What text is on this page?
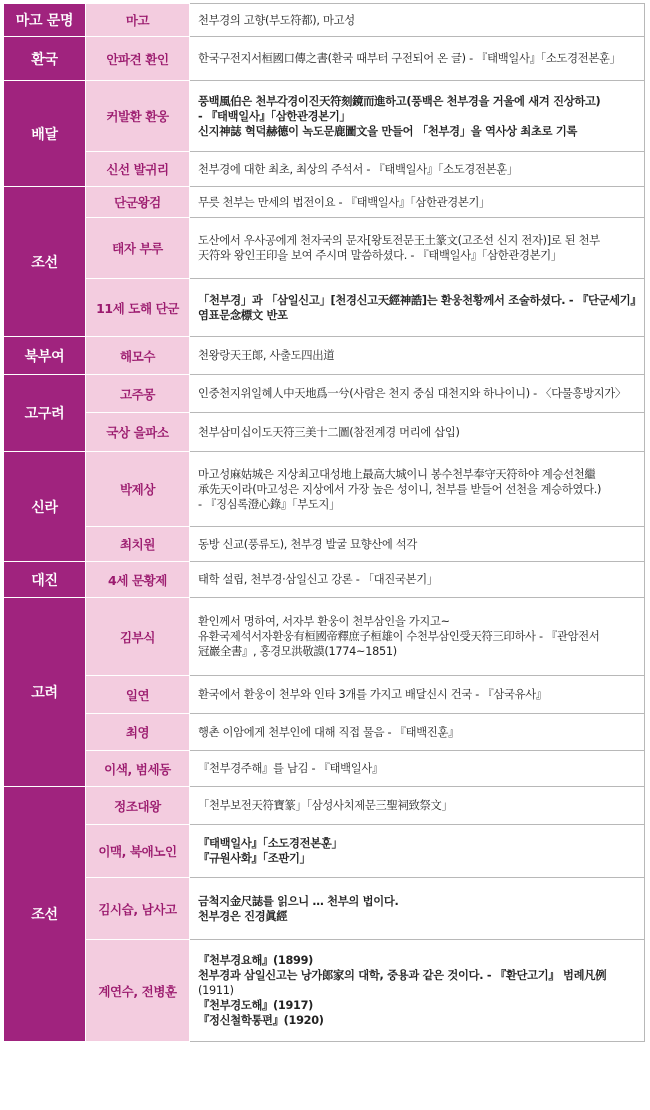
마고 문명	마고	천부경의 고향(부도符都), 마고성

환국	안파견 환인	한국구전지서桓國口傳之書(환국 때부터 구전되어 온 글) - 『태백일사』「소도경전본훈」

배달	커발환 환웅	풍백風伯은 천부각경이진天符刻鏡而進하고(풍백은 천부경을 거울에 새겨 진상하고)
- 『태백일사』「삼한관경본기」
신지神誌 혁덕赫德이 녹도문鹿圖文을 만들어 「천부경」을 역사상 최초로 기록

	신선 발귀리	천부경에 대한 최초, 최상의 주석서 - 『태백일사』「소도경전본훈」

조선	단군왕검	무릇 천부는 만세의 법전이요 - 『태백일사』「삼한관경본기」

	태자 부루	도산에서 우사공에게 천자국의 문자[왕토전문王土篆文(고조선 신지 전자)]로 된 천부
天符와 왕인王印을 보여 주시며 말씀하셨다. - 『태백일사』「삼한관경본기」

	11세 도해 단군	「천부경」과 「삼일신고」[천경신고天經神誥]는 환웅천황께서 조술하셨다. - 『단군세기』
염표문念標文 반포

북부여	해모수	천왕랑天王郞, 사출도四出道

고구려	고주몽	인중천지위일혜人中天地爲一兮(사람은 천지 중심 대천지와 하나이니) - 〈다물흥방지가〉

	국상 을파소	천부삼미십이도天符三美十二圖(참전계경 머리에 삽입)

신라	박제상	마고성麻姑城은 지상최고대성地上最高大城이니 봉수천부奉守天符하야 계승선천繼
承先天이라(마고성은 지상에서 가장 높은 성이니, 천부를 받들어 선천을 계승하였다.)
- 『징심록澄心錄』「부도지」

	최치원	동방 신교(풍류도), 천부경 발굴 묘향산에 석각

대진	4세 문황제	태학 설립, 천부경·삼일신고 강론 - 「대진국본기」

고려	김부식	환인께서 명하여, 서자부 환웅이 천부삼인을 가지고~
유환국제석서자환웅有桓國帝釋庶子桓雄이 수천부삼인受天符三印하사 - 『관암전서
冠巖全書』, 홍경모洪敬謨(1774~1851)

	일연	환국에서 환웅이 천부와 인타 3개를 가지고 배달신시 건국 - 『삼국유사』

	최영	행촌 이암에게 천부인에 대해 직접 물음 - 『태백진훈』

	이색, 범세동	『천부경주해』를 남김 - 『태백일사』

조선	정조대왕	「천부보전天符寶篆」「삼성사치제문三聖祠致祭文」

	이맥, 북애노인	『태백일사』「소도경전본훈」
『규원사화』「조판기」

	김시습, 남사고	금척지金尺誌를 읽으니 … 천부의 법이다.
천부경은 진경眞經

	계연수, 전병훈	『천부경요해』(1899)
천부경과 삼일신고는 낭가郎家의 대학, 중용과 같은 것이다. - 『환단고기』 범례凡例
(1911)
『천부경도해』(1917)
『정신철학통편』(1920)
